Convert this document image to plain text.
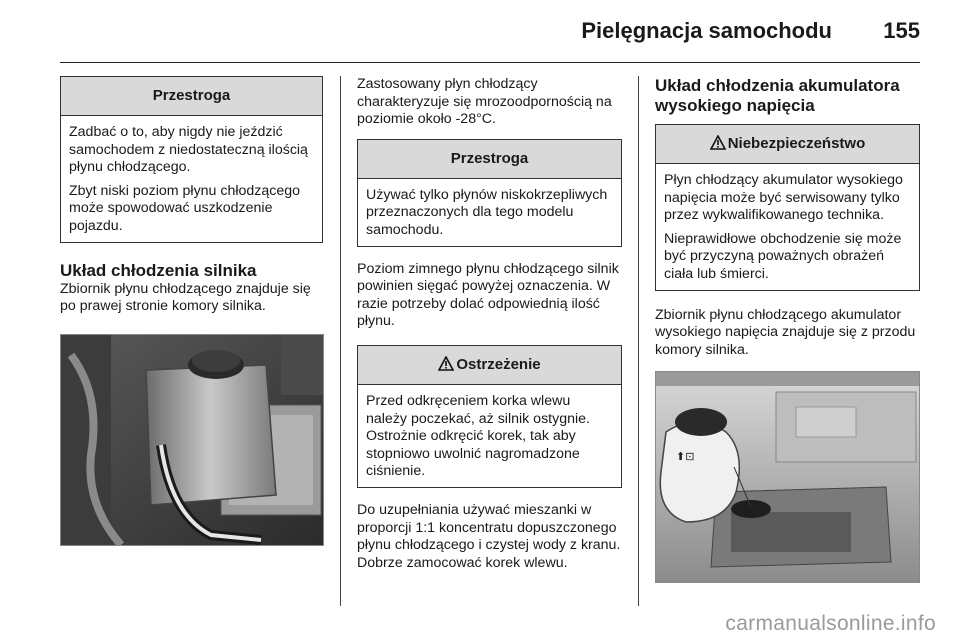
Pielęgnacja samochodu 155
Przestroga

Zadbać o to, aby nigdy nie jeździć samochodem z niedostateczną ilością płynu chłodzącego.

Zbyt niski poziom płynu chłodzącego może spowodować uszkodzenie pojazdu.

Układ chłodzenia silnika

Zbiornik płynu chłodzącego znajduje się po prawej stronie komory silnika.

Zastosowany płyn chłodzący charakteryzuje się mrozoodpornością na poziomie około -28°C.

Przestroga

Używać tylko płynów niskokrzepliwych przeznaczonych dla tego modelu samochodu.

Poziom zimnego płynu chłodzącego silnik powinien sięgać powyżej oznaczenia. W razie potrzeby dolać odpowiednią ilość płynu.

Ostrzeżenie

Przed odkręceniem korka wlewu należy poczekać, aż silnik ostygnie. Ostrożnie odkręcić korek, tak aby stopniowo uwolnić nagromadzone ciśnienie.

Do uzupełniania używać mieszanki w proporcji 1:1 koncentratu dopuszczonego płynu chłodzącego i czystej wody z kranu. Dobrze zamocować korek wlewu.

Układ chłodzenia akumulatora wysokiego napięcia

Niebezpieczeństwo

Płyn chłodzący akumulator wysokiego napięcia może być serwisowany tylko przez wykwalifikowanego technika.

Nieprawidłowe obchodzenie się może być przyczyną poważnych obrażeń ciała lub śmierci.

Zbiornik płynu chłodzącego akumulator wysokiego napięcia znajduje się z przodu komory silnika.

⬆⊡
carmanualsonline.info
